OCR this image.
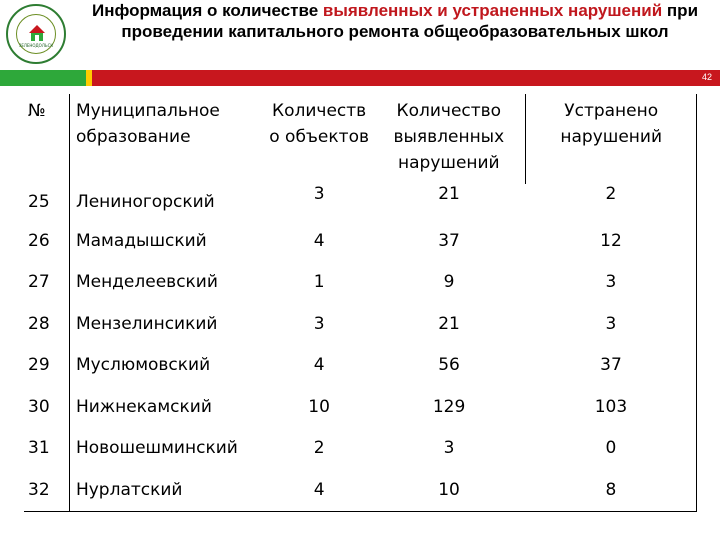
ЗЕЛЕНОДОЛЬСК
Информация о количестве выявленных и устраненных нарушений при проведении капитального ремонта общеобразовательных школ
42
№	Муниципальное образование	Количеств о объектов	Количество выявленных нарушений	Устранено нарушений
25	Лениногорский	3	21	2
26	Мамадышский	4	37	12
27	Менделеевский	1	9	3
28	Мензелинсикий	3	21	3
29	Муслюмовский	4	56	37
30	Нижнекамский	10	129	103
31	Новошешминский	2	3	0
32	Нурлатский	4	10	8
